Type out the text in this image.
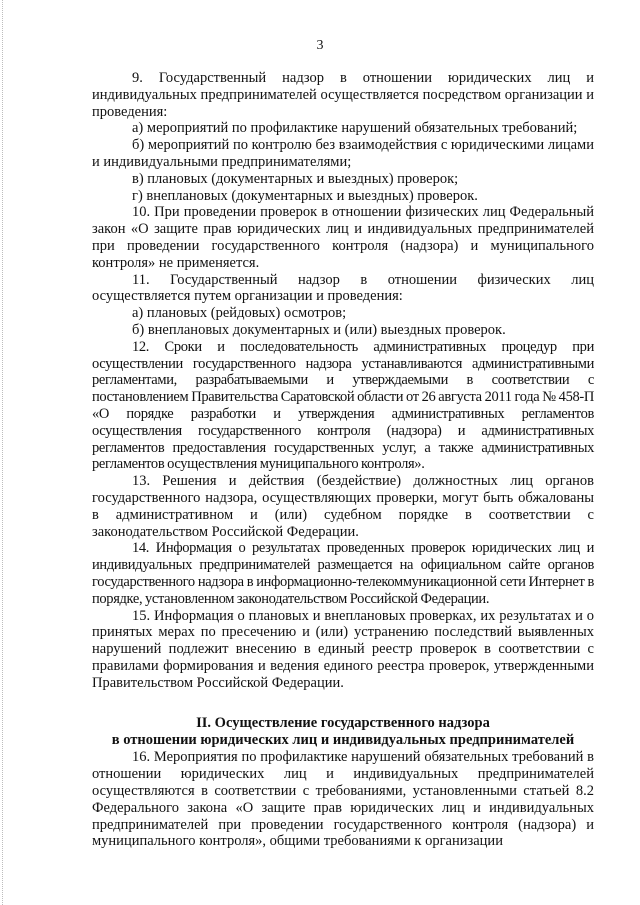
3

9. Государственный надзор в отношении юридических лиц и индивидуальных предпринимателей осуществляется посредством организации и проведения:

а) мероприятий по профилактике нарушений обязательных требований;

б) мероприятий по контролю без взаимодействия с юридическими лицами и индивидуальными предпринимателями;

в) плановых (документарных и выездных) проверок;

г) внеплановых (документарных и выездных) проверок.

10. При проведении проверок в отношении физических лиц Федеральный закон «О защите прав юридических лиц и индивидуальных предпринимателей при проведении государственного контроля (надзора) и муниципального контроля» не применяется.

11. Государственный надзор в отношении физических лиц осуществляется путем организации и проведения:

а) плановых (рейдовых) осмотров;

б) внеплановых документарных и (или) выездных проверок.

12. Сроки и последовательность административных процедур при осуществлении государственного надзора устанавливаются административными регламентами, разрабатываемыми и утверждаемыми в соответствии с постановлением Правительства Саратовской области от 26 августа 2011 года № 458-П «О порядке разработки и утверждения административных регламентов осуществления государственного контроля (надзора) и административных регламентов предоставления государственных услуг, а также административных регламентов осуществления муниципального контроля».

13. Решения и действия (бездействие) должностных лиц органов государственного надзора, осуществляющих проверки, могут быть обжалованы в административном и (или) судебном порядке в соответствии с законодательством Российской Федерации.

14. Информация о результатах проведенных проверок юридических лиц и индивидуальных предпринимателей размещается на официальном сайте органов государственного надзора в информационно-телекоммуникационной сети Интернет в порядке, установленном законодательством Российской Федерации.

15. Информация о плановых и внеплановых проверках, их результатах и о принятых мерах по пресечению и (или) устранению последствий выявленных нарушений подлежит внесению в единый реестр проверок в соответствии с правилами формирования и ведения единого реестра проверок, утвержденными Правительством Российской Федерации.

II. Осуществление государственного надзора
в отношении юридических лиц и индивидуальных предпринимателей

16. Мероприятия по профилактике нарушений обязательных требований в отношении юридических лиц и индивидуальных предпринимателей осуществляются в соответствии с требованиями, установленными статьей 8.2 Федерального закона «О защите прав юридических лиц и индивидуальных предпринимателей при проведении государственного контроля (надзора) и муниципального контроля», общими требованиями к организации
